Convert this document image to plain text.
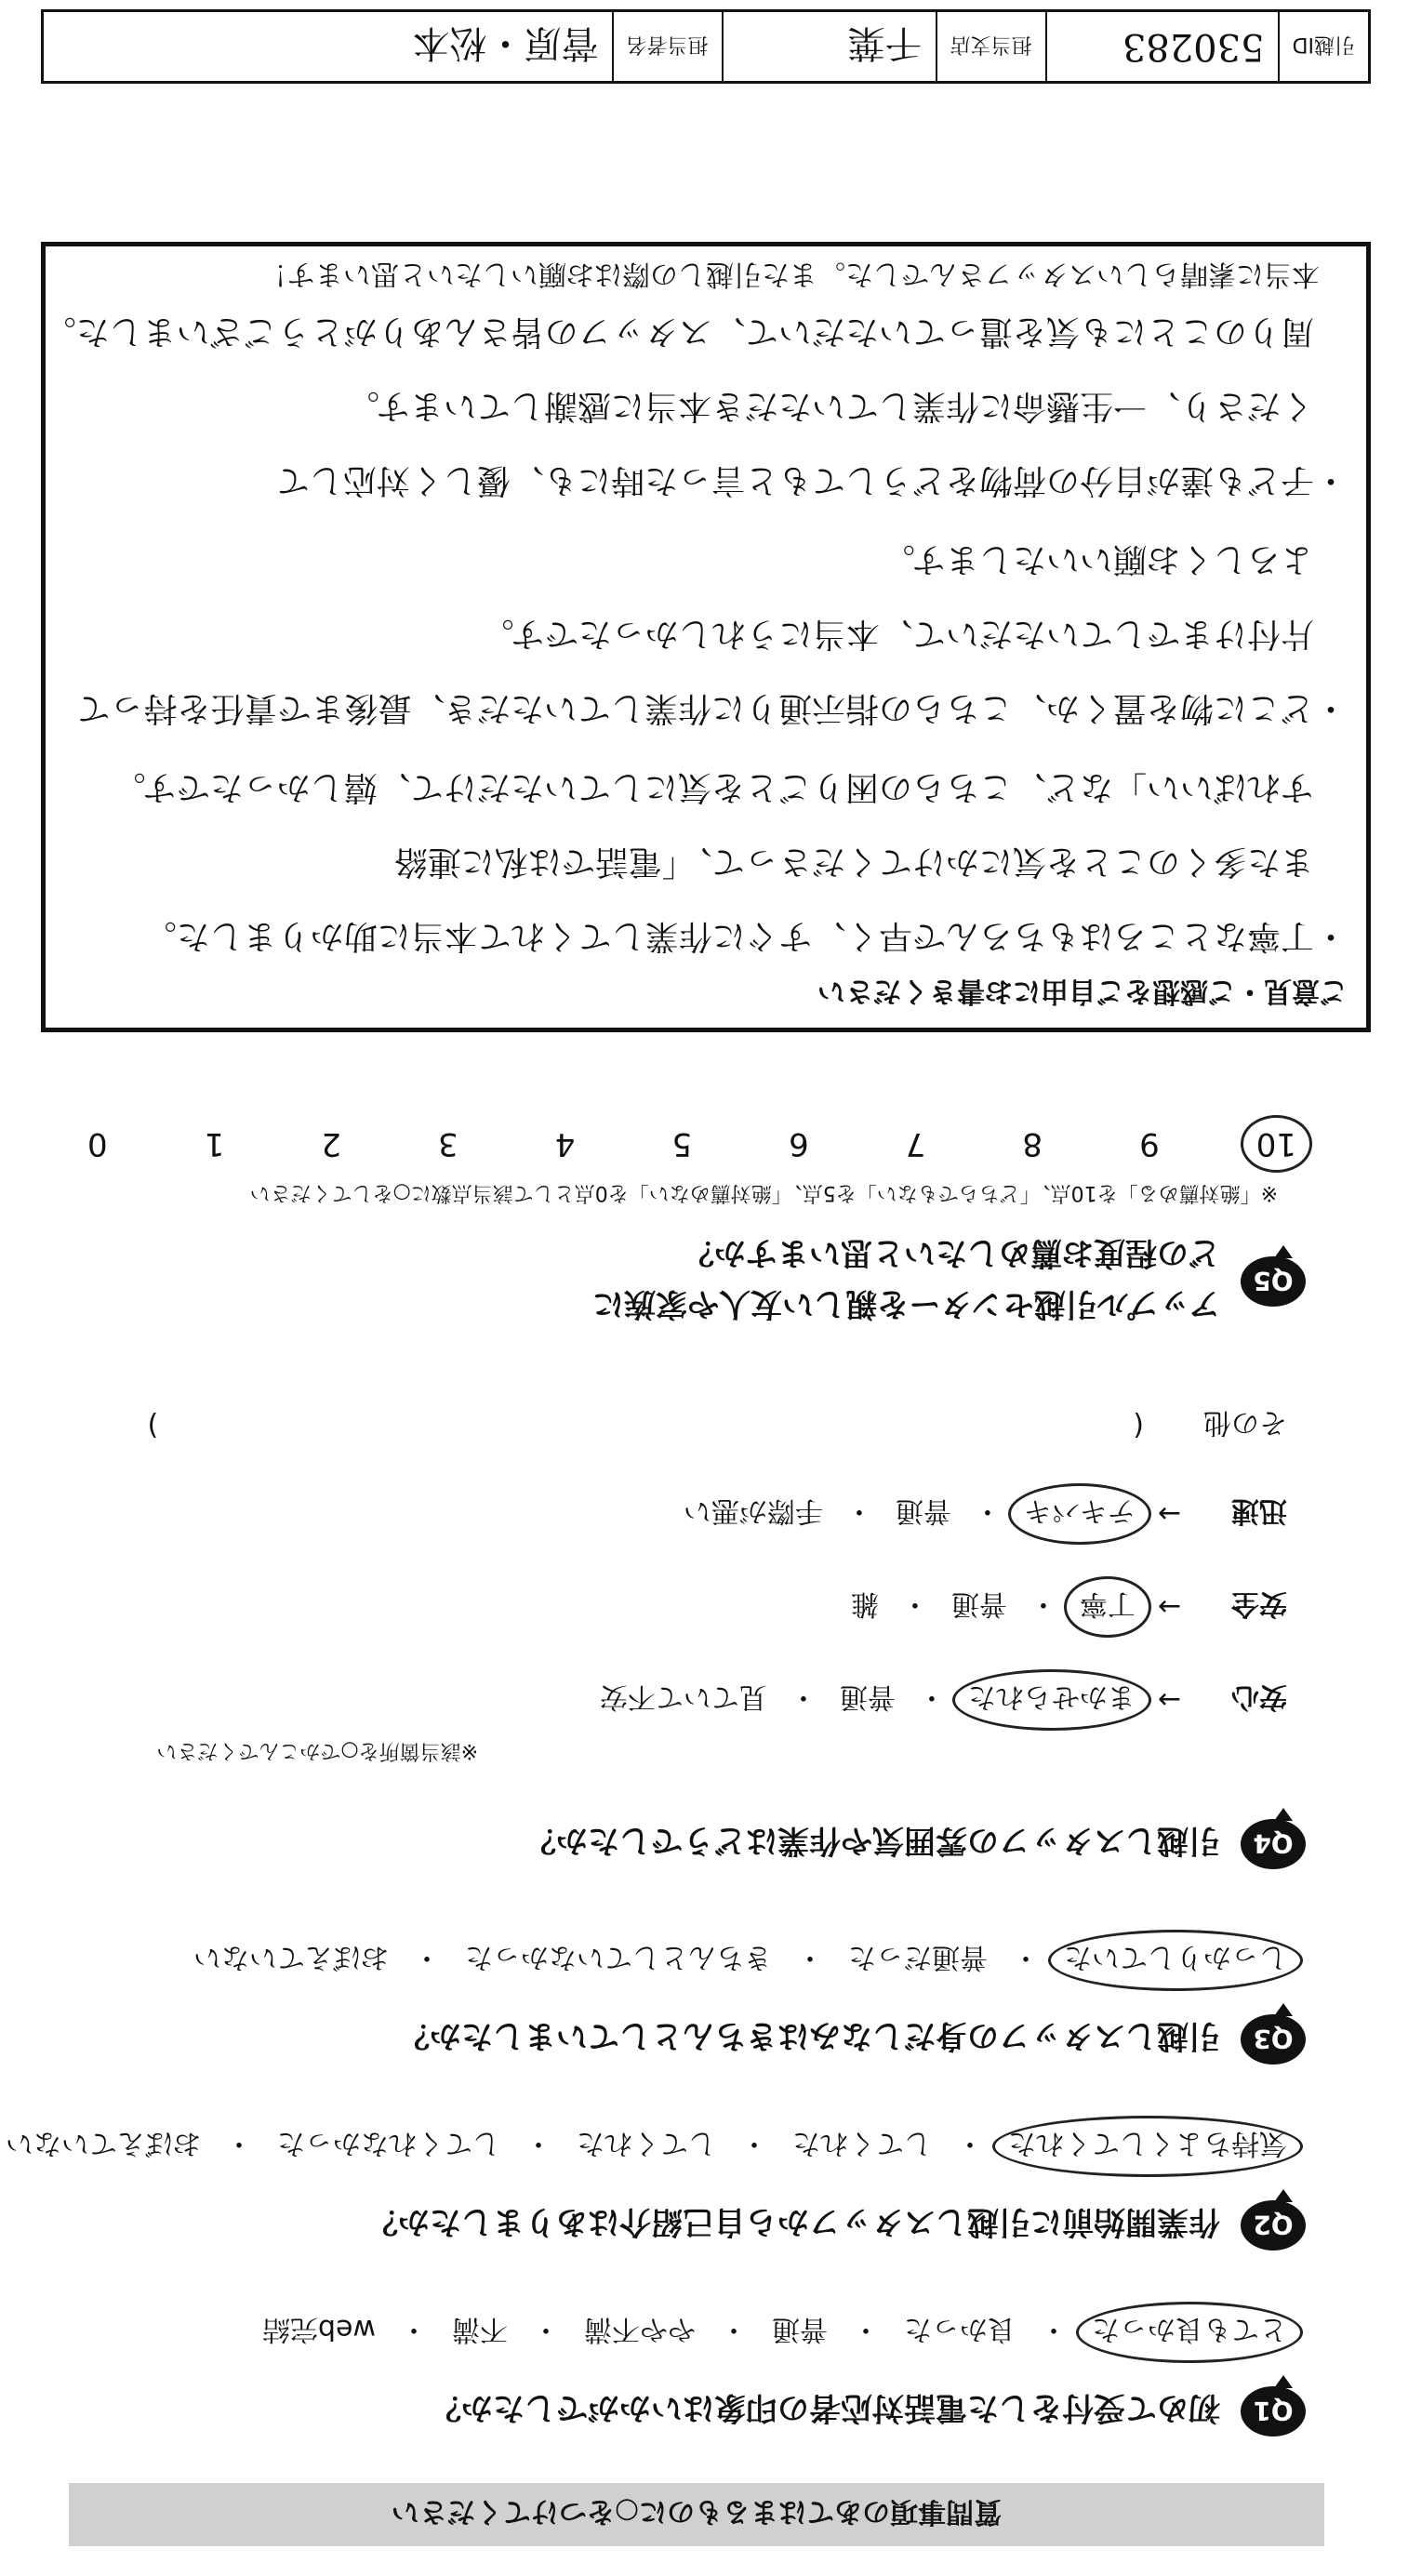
質問事項のあてはまるものに○をつけてください
Q1
初めて受付をした電話対応者の印象はいかがでしたか？
とても良かった
・
良かった
・
普通
・
やや不満
・
不満
・
web完結
Q2
作業開始前に引越しスタッフから自己紹介はありましたか？
気持ちよくしてくれた
・
してくれた
・
してくれた
・
してくれなかった
・
おぼえていない
Q3
引越しスタッフの身だしなみはきちんとしていましたか？
しっかりしていた
・
普通だった
・
きちんとしていなかった
・
おぼえていない
Q4
引越しスタッフの雰囲気や作業はどうでしたか？
※該当箇所を○でかこんでください
安心
→
まかせられた
・
普通
・
見ていて不安
安全
→
丁寧
・
普通
・
雑
迅速
→
テキパキ
・
普通
・
手際が悪い
その他
(
)
Q5
アップル引越センターを親しい友人や家族に
どの程度お薦めしたいと思いますか？
※「絶対薦める」を10点、「どちらでもない」を5点、「絶対薦めない」を0点として該当点数に○をしてください
10
9
8
7
6
5
4
3
2
1
0
ご意見・ご感想をご自由にお書きください
・丁寧なところはもちろんで早く、すぐに作業してくれて本当に助かりました。
　また多くのことを気にかけてくださって、「電話では私に連絡
　すればいい」など、こちらの困りごとを気にしていただけて、嬉しかったです。
・どこに物を置くか、こちらの指示通りに作業していただき、最後まで責任を持って
　片付けまでしていただいて、本当にうれしかったです。
　よろしくお願いいたします。
・子ども達が自分の荷物をどうしてもと言った時にも、優しく対応して
　くださり、一生懸命に作業していただき本当に感謝しています。
　周りのことにも気を遣っていただいて、スタッフの皆さんありがとうございました。
　本当に素晴らしいスタッフさんでした。また引越しの際はお願いしたいと思います！
引越ID
530283
担当支店
千葉
担当者名
菅原・松本
